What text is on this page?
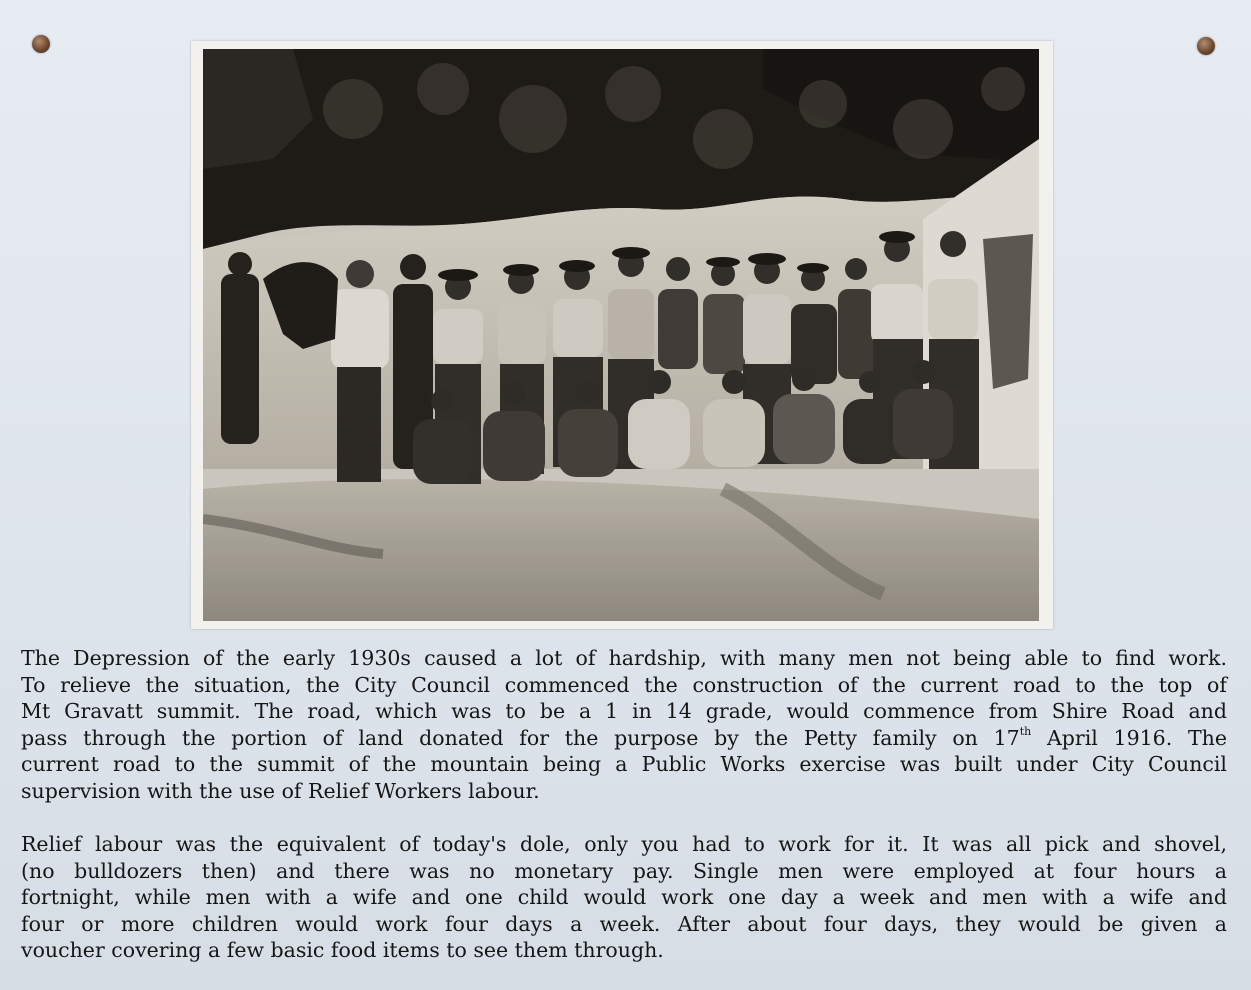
The Depression of the early 1930s caused a lot of hardship, with many men not being able to find work.
To relieve the situation, the City Council commenced the construction of the current road to the top of
Mt Gravatt summit. The road, which was to be a 1 in 14 grade, would commence from Shire Road and
pass through the portion of land donated for the purpose by the Petty family on 17th April 1916. The
current road to the summit of the mountain being a Public Works exercise was built under City Council
supervision with the use of Relief Workers labour.

Relief labour was the equivalent of today's dole, only you had to work for it. It was all pick and shovel,
(no bulldozers then) and there was no monetary pay. Single men were employed at four hours a
fortnight, while men with a wife and one child would work one day a week and men with a wife and
four or more children would work four days a week. After about four days, they would be given a
voucher covering a few basic food items to see them through.
